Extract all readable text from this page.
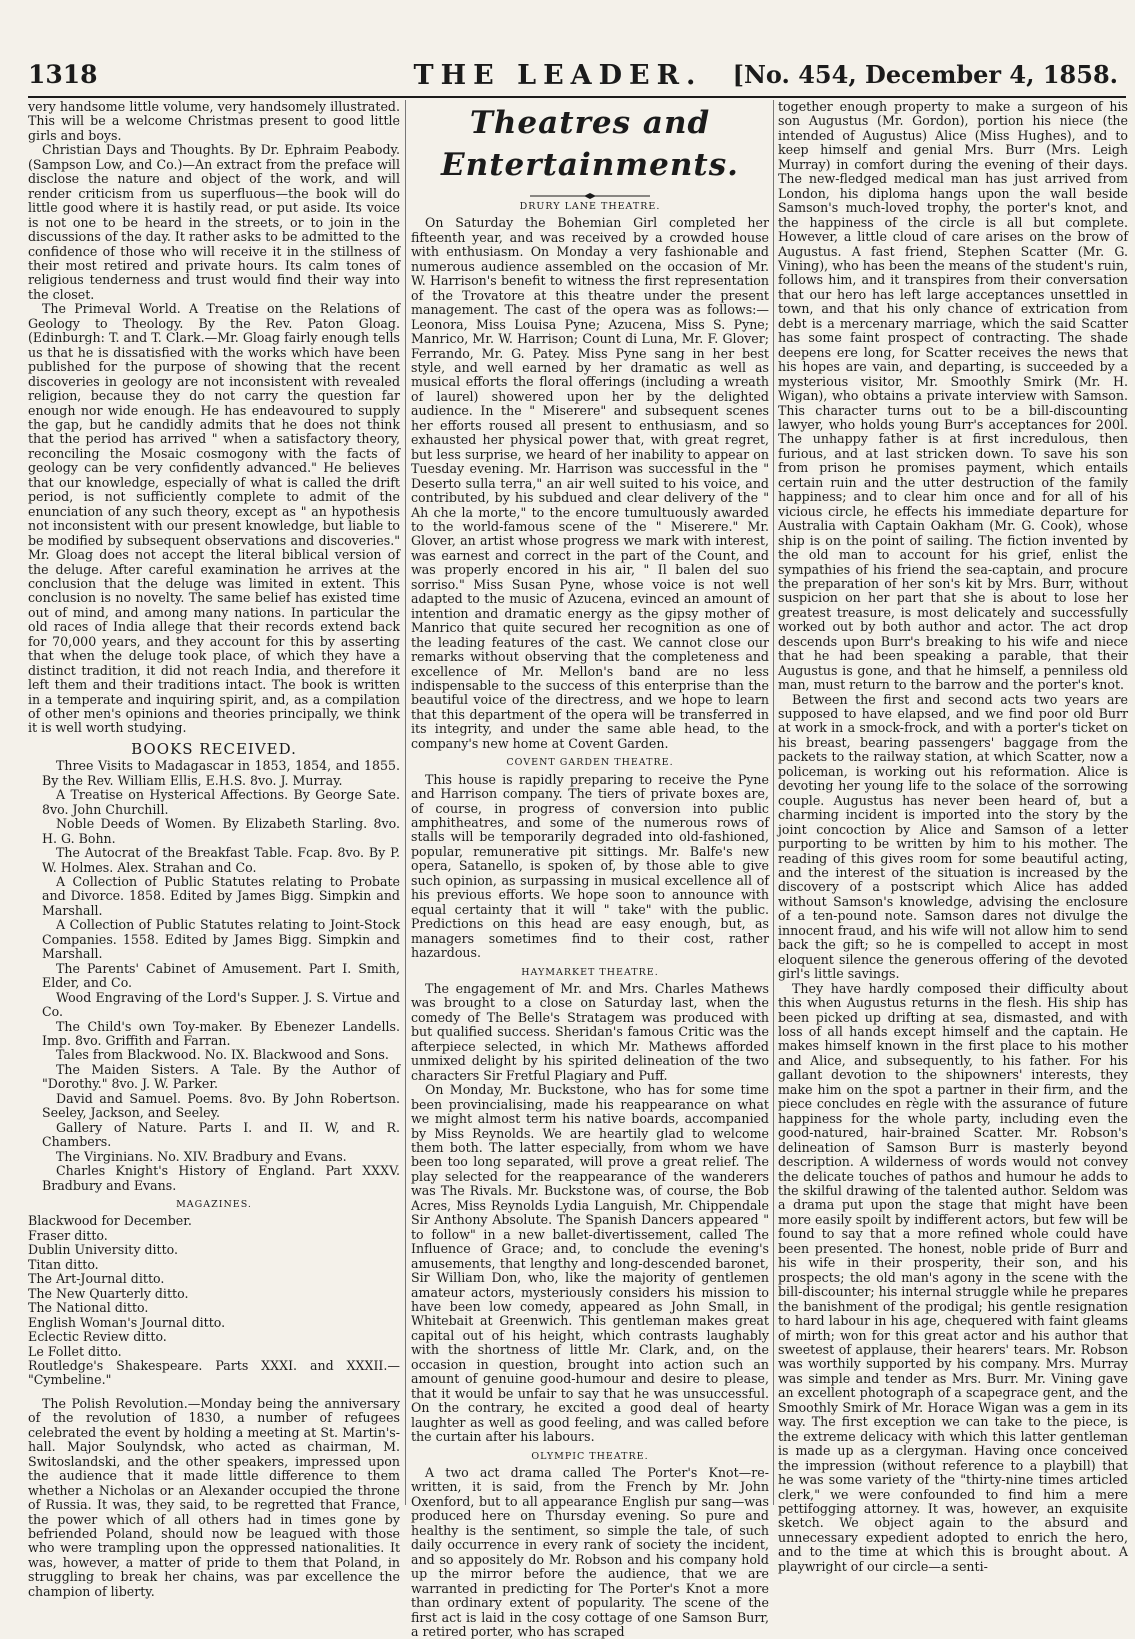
1318	THE LEADER.	[No. 454, December 4, 1858.

very handsome little volume, very handsomely illustrated. This will be a welcome Christmas present to good little girls and boys.

Christian Days and Thoughts. By Dr. Ephraim Peabody. (Sampson Low, and Co.)—An extract from the preface will disclose the nature and object of the work, and will render criticism from us superfluous—the book will do little good where it is hastily read, or put aside. Its voice is not one to be heard in the streets, or to join in the discussions of the day. It rather asks to be admitted to the confidence of those who will receive it in the stillness of their most retired and private hours. Its calm tones of religious tenderness and trust would find their way into the closet.

The Primeval World. A Treatise on the Relations of Geology to Theology. By the Rev. Paton Gloag. (Edinburgh: T. and T. Clark.—Mr. Gloag fairly enough tells us that he is dissatisfied with the works which have been published for the purpose of showing that the recent discoveries in geology are not inconsistent with revealed religion, because they do not carry the question far enough nor wide enough. He has endeavoured to supply the gap, but he candidly admits that he does not think that the period has arrived " when a satisfactory theory, reconciling the Mosaic cosmogony with the facts of geology can be very confidently advanced." He believes that our knowledge, especially of what is called the drift period, is not sufficiently complete to admit of the enunciation of any such theory, except as " an hypothesis not inconsistent with our present knowledge, but liable to be modified by subsequent observations and discoveries." Mr. Gloag does not accept the literal biblical version of the deluge. After careful examination he arrives at the conclusion that the deluge was limited in extent. This conclusion is no novelty. The same belief has existed time out of mind, and among many nations. In particular the old races of India allege that their records extend back for 70,000 years, and they account for this by asserting that when the deluge took place, of which they have a distinct tradition, it did not reach India, and therefore it left them and their traditions intact. The book is written in a temperate and inquiring spirit, and, as a compilation of other men's opinions and theories principally, we think it is well worth studying.

BOOKS RECEIVED.

Three Visits to Madagascar in 1853, 1854, and 1855. By the Rev. William Ellis, E.H.S. 8vo. J. Murray.

A Treatise on Hysterical Affections. By George Sate. 8vo. John Churchill.

Noble Deeds of Women. By Elizabeth Starling. 8vo. H. G. Bohn.

The Autocrat of the Breakfast Table. Fcap. 8vo. By P. W. Holmes. Alex. Strahan and Co.

A Collection of Public Statutes relating to Probate and Divorce. 1858. Edited by James Bigg. Simpkin and Marshall.

A Collection of Public Statutes relating to Joint-Stock Companies. 1558. Edited by James Bigg. Simpkin and Marshall.

The Parents' Cabinet of Amusement. Part I. Smith, Elder, and Co.

Wood Engraving of the Lord's Supper. J. S. Virtue and Co.

The Child's own Toy-maker. By Ebenezer Landells. Imp. 8vo. Griffith and Farran.

Tales from Blackwood. No. IX. Blackwood and Sons.

The Maiden Sisters. A Tale. By the Author of "Dorothy." 8vo. J. W. Parker.

David and Samuel. Poems. 8vo. By John Robertson. Seeley, Jackson, and Seeley.

Gallery of Nature. Parts I. and II. W, and R. Chambers.

The Virginians. No. XIV. Bradbury and Evans.

Charles Knight's History of England. Part XXXV. Bradbury and Evans.

MAGAZINES.

Blackwood for December.

Fraser ditto.

Dublin University ditto.

Titan ditto.

The Art-Journal ditto.

The New Quarterly ditto.

The National ditto.

English Woman's Journal ditto.

Eclectic Review ditto.

Le Follet ditto.

Routledge's Shakespeare. Parts XXXI. and XXXII.— "Cymbeline."

The Polish Revolution.—Monday being the anniversary of the revolution of 1830, a number of refugees celebrated the event by holding a meeting at St. Martin's-hall. Major Soulyndsk, who acted as chairman, M. Switoslandski, and the other speakers, impressed upon the audience that it made little difference to them whether a Nicholas or an Alexander occupied the throne of Russia. It was, they said, to be regretted that France, the power which of all others had in times gone by befriended Poland, should now be leagued with those who were trampling upon the oppressed nationalities. It was, however, a matter of pride to them that Poland, in struggling to break her chains, was par excellence the champion of liberty.

Theatres and Entertainments.
DRURY LANE THEATRE.

On Saturday the Bohemian Girl completed her fifteenth year, and was received by a crowded house with enthusiasm. On Monday a very fashionable and numerous audience assembled on the occasion of Mr. W. Harrison's benefit to witness the first representation of the Trovatore at this theatre under the present management. The cast of the opera was as follows:—Leonora, Miss Louisa Pyne; Azucena, Miss S. Pyne; Manrico, Mr. W. Harrison; Count di Luna, Mr. F. Glover; Ferrando, Mr. G. Patey. Miss Pyne sang in her best style, and well earned by her dramatic as well as musical efforts the floral offerings (including a wreath of laurel) showered upon her by the delighted audience. In the " Miserere" and subsequent scenes her efforts roused all present to enthusiasm, and so exhausted her physical power that, with great regret, but less surprise, we heard of her inability to appear on Tuesday evening. Mr. Harrison was successful in the " Deserto sulla terra," an air well suited to his voice, and contributed, by his subdued and clear delivery of the " Ah che la morte," to the encore tumultuously awarded to the world-famous scene of the " Miserere." Mr. Glover, an artist whose progress we mark with interest, was earnest and correct in the part of the Count, and was properly encored in his air, " Il balen del suo sorriso." Miss Susan Pyne, whose voice is not well adapted to the music of Azucena, evinced an amount of intention and dramatic energy as the gipsy mother of Manrico that quite secured her recognition as one of the leading features of the cast. We cannot close our remarks without observing that the completeness and excellence of Mr. Mellon's band are no less indispensable to the success of this enterprise than the beautiful voice of the directress, and we hope to learn that this department of the opera will be transferred in its integrity, and under the same able head, to the company's new home at Covent Garden.

COVENT GARDEN THEATRE.

This house is rapidly preparing to receive the Pyne and Harrison company. The tiers of private boxes are, of course, in progress of conversion into public amphitheatres, and some of the numerous rows of stalls will be temporarily degraded into old-fashioned, popular, remunerative pit sittings. Mr. Balfe's new opera, Satanello, is spoken of, by those able to give such opinion, as surpassing in musical excellence all of his previous efforts. We hope soon to announce with equal certainty that it will " take" with the public. Predictions on this head are easy enough, but, as managers sometimes find to their cost, rather hazardous.

HAYMARKET THEATRE.

The engagement of Mr. and Mrs. Charles Mathews was brought to a close on Saturday last, when the comedy of The Belle's Stratagem was produced with but qualified success. Sheridan's famous Critic was the afterpiece selected, in which Mr. Mathews afforded unmixed delight by his spirited delineation of the two characters Sir Fretful Plagiary and Puff.

On Monday, Mr. Buckstone, who has for some time been provincialising, made his reappearance on what we might almost term his native boards, accompanied by Miss Reynolds. We are heartily glad to welcome them both. The latter especially, from whom we have been too long separated, will prove a great relief. The play selected for the reappearance of the wanderers was The Rivals. Mr. Buckstone was, of course, the Bob Acres, Miss Reynolds Lydia Languish, Mr. Chippendale Sir Anthony Absolute. The Spanish Dancers appeared " to follow" in a new ballet-divertissement, called The Influence of Grace; and, to conclude the evening's amusements, that lengthy and long-descended baronet, Sir William Don, who, like the majority of gentlemen amateur actors, mysteriously considers his mission to have been low comedy, appeared as John Small, in Whitebait at Greenwich. This gentleman makes great capital out of his height, which contrasts laughably with the shortness of little Mr. Clark, and, on the occasion in question, brought into action such an amount of genuine good-humour and desire to please, that it would be unfair to say that he was unsuccessful. On the contrary, he excited a good deal of hearty laughter as well as good feeling, and was called before the curtain after his labours.

OLYMPIC THEATRE.

A two act drama called The Porter's Knot—re-written, it is said, from the French by Mr. John Oxenford, but to all appearance English pur sang—was produced here on Thursday evening. So pure and healthy is the sentiment, so simple the tale, of such daily occurrence in every rank of society the incident, and so appositely do Mr. Robson and his company hold up the mirror before the audience, that we are warranted in predicting for The Porter's Knot a more than ordinary extent of popularity. The scene of the first act is laid in the cosy cottage of one Samson Burr, a retired porter, who has scraped

together enough property to make a surgeon of his son Augustus (Mr. Gordon), portion his niece (the intended of Augustus) Alice (Miss Hughes), and to keep himself and genial Mrs. Burr (Mrs. Leigh Murray) in comfort during the evening of their days. The new-fledged medical man has just arrived from London, his diploma hangs upon the wall beside Samson's much-loved trophy, the porter's knot, and the happiness of the circle is all but complete. However, a little cloud of care arises on the brow of Augustus. A fast friend, Stephen Scatter (Mr. G. Vining), who has been the means of the student's ruin, follows him, and it transpires from their conversation that our hero has left large acceptances unsettled in town, and that his only chance of extrication from debt is a mercenary marriage, which the said Scatter has some faint prospect of contracting. The shade deepens ere long, for Scatter receives the news that his hopes are vain, and departing, is succeeded by a mysterious visitor, Mr. Smoothly Smirk (Mr. H. Wigan), who obtains a private interview with Samson. This character turns out to be a bill-discounting lawyer, who holds young Burr's acceptances for 200l. The unhappy father is at first incredulous, then furious, and at last stricken down. To save his son from prison he promises payment, which entails certain ruin and the utter destruction of the family happiness; and to clear him once and for all of his vicious circle, he effects his immediate departure for Australia with Captain Oakham (Mr. G. Cook), whose ship is on the point of sailing. The fiction invented by the old man to account for his grief, enlist the sympathies of his friend the sea-captain, and procure the preparation of her son's kit by Mrs. Burr, without suspicion on her part that she is about to lose her greatest treasure, is most delicately and successfully worked out by both author and actor. The act drop descends upon Burr's breaking to his wife and niece that he had been speaking a parable, that their Augustus is gone, and that he himself, a penniless old man, must return to the barrow and the porter's knot.

Between the first and second acts two years are supposed to have elapsed, and we find poor old Burr at work in a smock-frock, and with a porter's ticket on his breast, bearing passengers' baggage from the packets to the railway station, at which Scatter, now a policeman, is working out his reformation. Alice is devoting her young life to the solace of the sorrowing couple. Augustus has never been heard of, but a charming incident is imported into the story by the joint concoction by Alice and Samson of a letter purporting to be written by him to his mother. The reading of this gives room for some beautiful acting, and the interest of the situation is increased by the discovery of a postscript which Alice has added without Samson's knowledge, advising the enclosure of a ten-pound note. Samson dares not divulge the innocent fraud, and his wife will not allow him to send back the gift; so he is compelled to accept in most eloquent silence the generous offering of the devoted girl's little savings.

They have hardly composed their difficulty about this when Augustus returns in the flesh. His ship has been picked up drifting at sea, dismasted, and with loss of all hands except himself and the captain. He makes himself known in the first place to his mother and Alice, and subsequently, to his father. For his gallant devotion to the shipowners' interests, they make him on the spot a partner in their firm, and the piece concludes en règle with the assurance of future happiness for the whole party, including even the good-natured, hair-brained Scatter. Mr. Robson's delineation of Samson Burr is masterly beyond description. A wilderness of words would not convey the delicate touches of pathos and humour he adds to the skilful drawing of the talented author. Seldom was a drama put upon the stage that might have been more easily spoilt by indifferent actors, but few will be found to say that a more refined whole could have been presented. The honest, noble pride of Burr and his wife in their prosperity, their son, and his prospects; the old man's agony in the scene with the bill-discounter; his internal struggle while he prepares the banishment of the prodigal; his gentle resignation to hard labour in his age, chequered with faint gleams of mirth; won for this great actor and his author that sweetest of applause, their hearers' tears. Mr. Robson was worthily supported by his company. Mrs. Murray was simple and tender as Mrs. Burr. Mr. Vining gave an excellent photograph of a scapegrace gent, and the Smoothly Smirk of Mr. Horace Wigan was a gem in its way. The first exception we can take to the piece, is the extreme delicacy with which this latter gentleman is made up as a clergyman. Having once conceived the impression (without reference to a playbill) that he was some variety of the "thirty-nine times articled clerk," we were confounded to find him a mere pettifogging attorney. It was, however, an exquisite sketch. We object again to the absurd and unnecessary expedient adopted to enrich the hero, and to the time at which this is brought about. A playwright of our circle—a senti-
